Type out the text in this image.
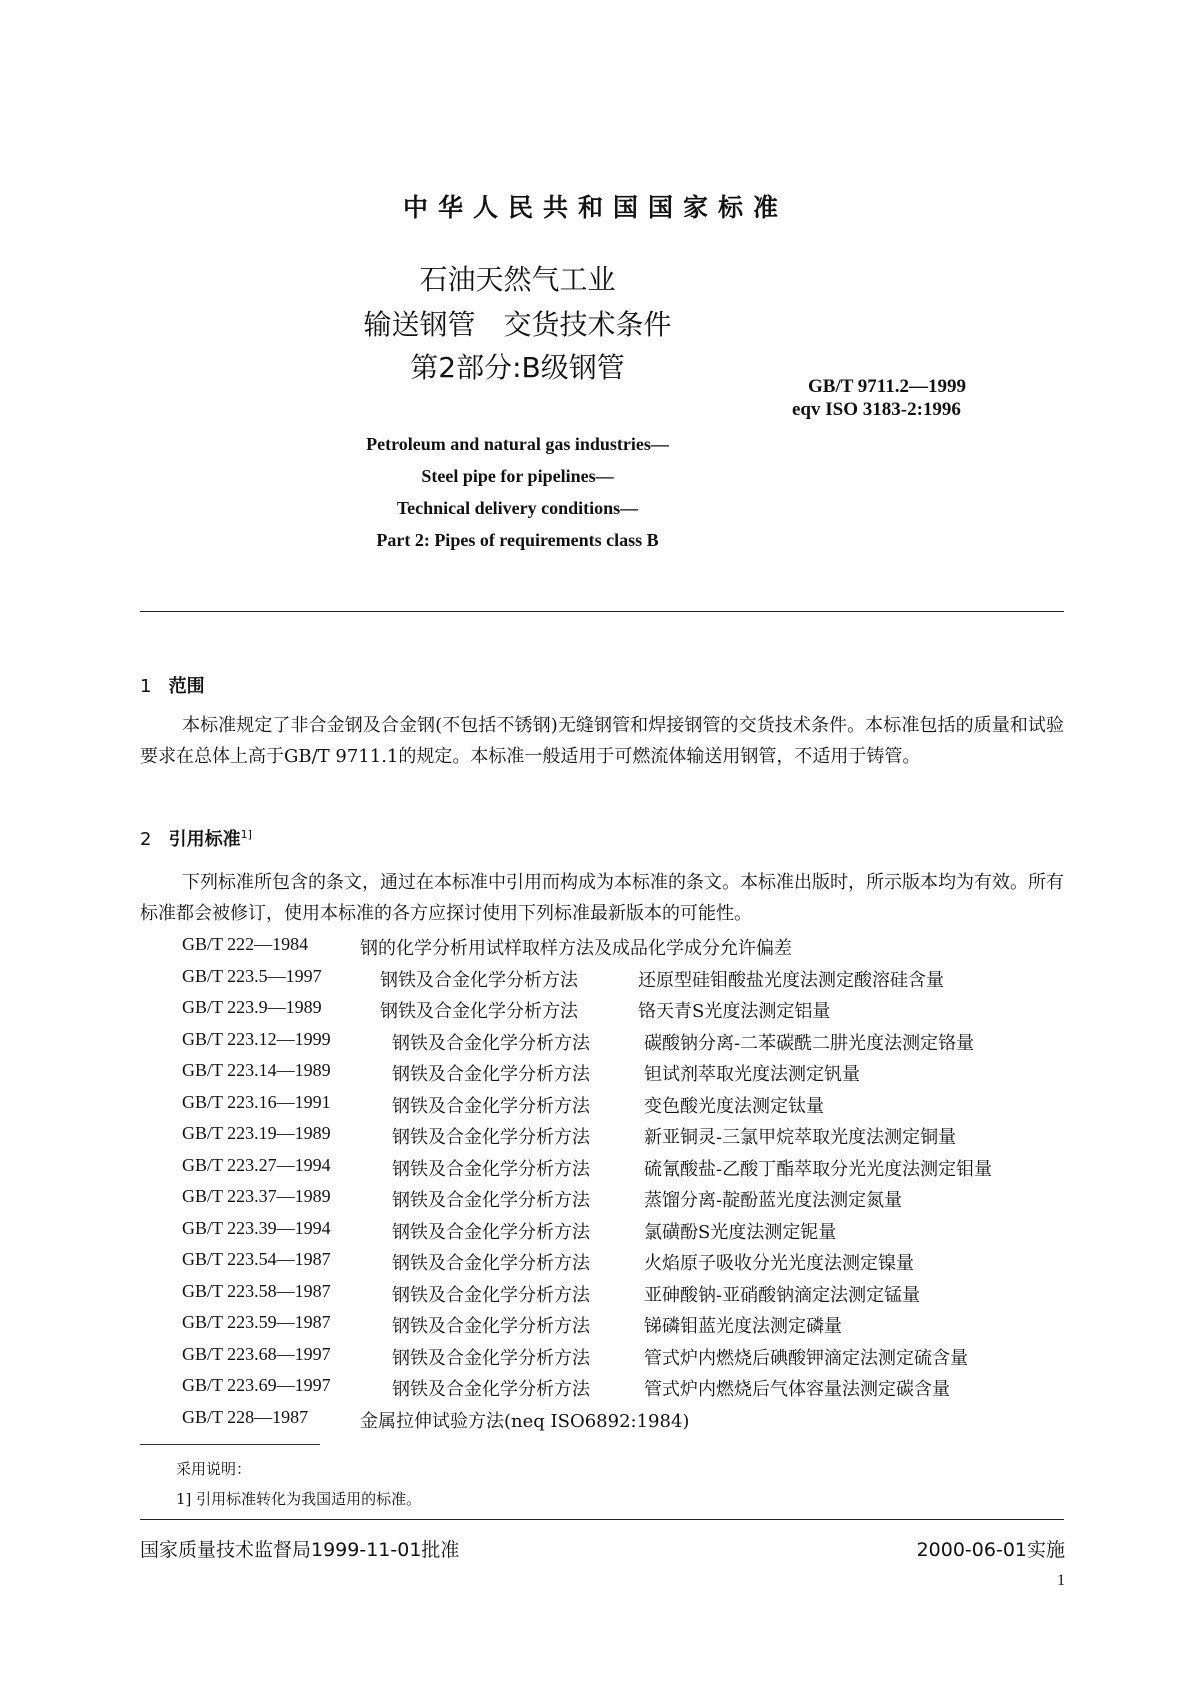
中华人民共和国国家标准
石油天然气工业
输送钢管　交货技术条件
第2部分:B级钢管
GB/T 9711.2—1999
eqv ISO 3183-2:1996
Petroleum and natural gas industries—
Steel pipe for pipelines—
Technical delivery conditions—
Part 2: Pipes of requirements class B
1 范围
本标准规定了非合金钢及合金钢(不包括不锈钢)无缝钢管和焊接钢管的交货技术条件。本标准包括的质量和试验要求在总体上高于GB/T 9711.1的规定。本标准一般适用于可燃流体输送用钢管，不适用于铸管。
2 引用标准$^{1]}$
下列标准所包含的条文，通过在本标准中引用而构成为本标准的条文。本标准出版时，所示版本均为有效。所有标准都会被修订，使用本标准的各方应探讨使用下列标准最新版本的可能性。
GB/T 222—1984	钢的化学分析用试样取样方法及成品化学成分允许偏差
GB/T 223.5—1997	钢铁及合金化学分析方法	还原型硅钼酸盐光度法测定酸溶硅含量
GB/T 223.9—1989	钢铁及合金化学分析方法	铬天青S光度法测定铝量
GB/T 223.12—1999	钢铁及合金化学分析方法	碳酸钠分离-二苯碳酰二肼光度法测定铬量
GB/T 223.14—1989	钢铁及合金化学分析方法	钽试剂萃取光度法测定钒量
GB/T 223.16—1991	钢铁及合金化学分析方法	变色酸光度法测定钛量
GB/T 223.19—1989	钢铁及合金化学分析方法	新亚铜灵-三氯甲烷萃取光度法测定铜量
GB/T 223.27—1994	钢铁及合金化学分析方法	硫氰酸盐-乙酸丁酯萃取分光光度法测定钼量
GB/T 223.37—1989	钢铁及合金化学分析方法	蒸馏分离-靛酚蓝光度法测定氮量
GB/T 223.39—1994	钢铁及合金化学分析方法	氯磺酚S光度法测定铌量
GB/T 223.54—1987	钢铁及合金化学分析方法	火焰原子吸收分光光度法测定镍量
GB/T 223.58—1987	钢铁及合金化学分析方法	亚砷酸钠-亚硝酸钠滴定法测定锰量
GB/T 223.59—1987	钢铁及合金化学分析方法	锑磷钼蓝光度法测定磷量
GB/T 223.68—1997	钢铁及合金化学分析方法	管式炉内燃烧后碘酸钾滴定法测定硫含量
GB/T 223.69—1997	钢铁及合金化学分析方法	管式炉内燃烧后气体容量法测定碳含量
GB/T 228—1987	金属拉伸试验方法(neq ISO6892:1984)
采用说明：
1] 引用标准转化为我国适用的标准。
国家质量技术监督局1999-11-01批准	2000-06-01实施
1
